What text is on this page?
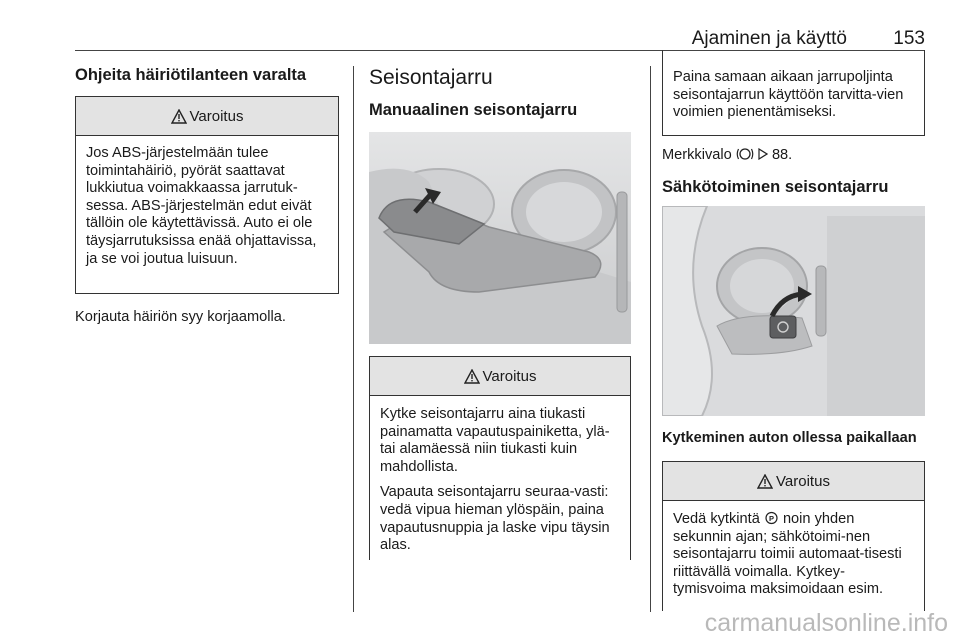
Ajaminen ja käyttö 153
Ohjeita häiriötilanteen varalta
Varoitus

Jos ABS-järjestelmään tulee toimintahäiriö, pyörät saattavat lukkiutua voimakkaassa jarrutuk-sessa. ABS-järjestelmän edut eivät tällöin ole käytettävissä. Auto ei ole täysjarrutuksissa enää ohjattavissa, ja se voi joutua luisuun.

Korjauta häiriön syy korjaamolla.
Seisontajarru
Manuaalinen seisontajarru
Varoitus

Kytke seisontajarru aina tiukasti painamatta vapautuspainiketta, ylä- tai alamäessä niin tiukasti kuin mahdollista.

Vapauta seisontajarru seuraa-vasti: vedä vipua hieman ylöspäin, paina vapautusnuppia ja laske vipu täysin alas.

Paina samaan aikaan jarrupoljinta seisontajarrun käyttöön tarvitta-vien voimien pienentämiseksi.
Merkkivalo	88.
Sähkötoiminen seisontajarru
Kytkeminen auton ollessa paikallaan
Varoitus

Vedä kytkintä P noin yhden sekunnin ajan; sähkötoimi-nen seisontajarru toimii automaat-tisesti riittävällä voimalla. Kytkey-tymisvoima maksimoidaan esim.

carmanualsonline.info
